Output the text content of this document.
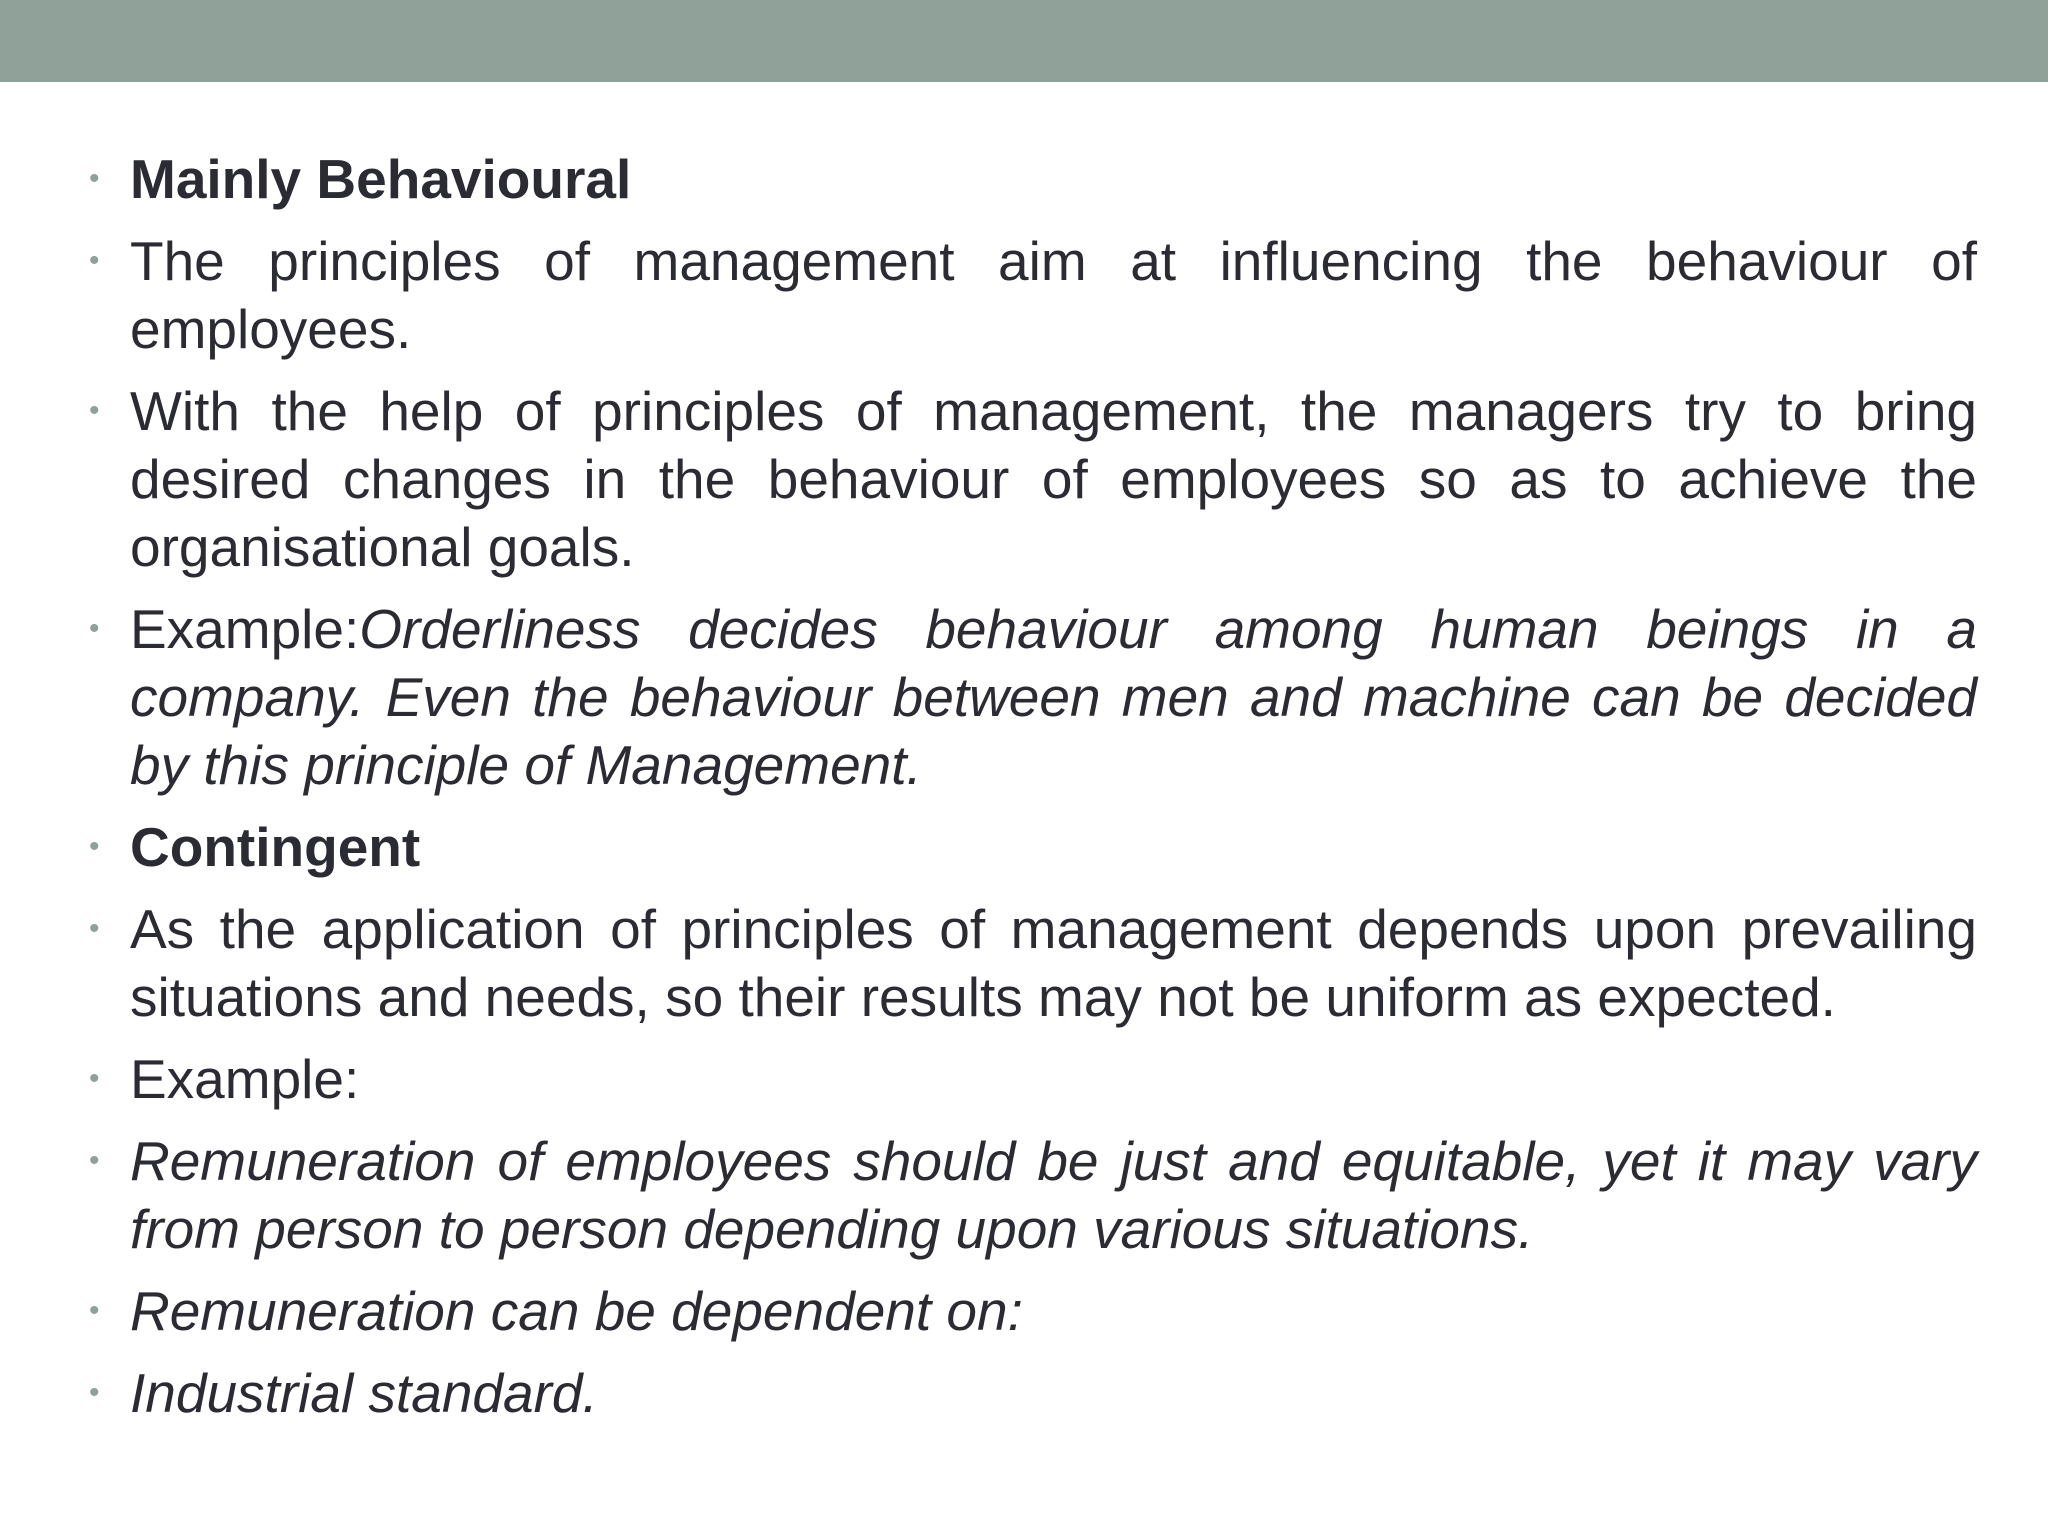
• Mainly Behavioural
• The principles of management aim at influencing the behaviour of employees.
• With the help of principles of management, the managers try to bring desired changes in the behaviour of employees so as to achieve the organisational goals.
• Example:Orderliness decides behaviour among human beings in a company. Even the behaviour between men and machine can be decided by this principle of Management.
• Contingent
• As the application of principles of management depends upon prevailing situations and needs, so their results may not be uniform as expected.
• Example:
• Remuneration of employees should be just and equitable, yet it may vary from person to person depending upon various situations.
• Remuneration can be dependent on:
• Industrial standard.
